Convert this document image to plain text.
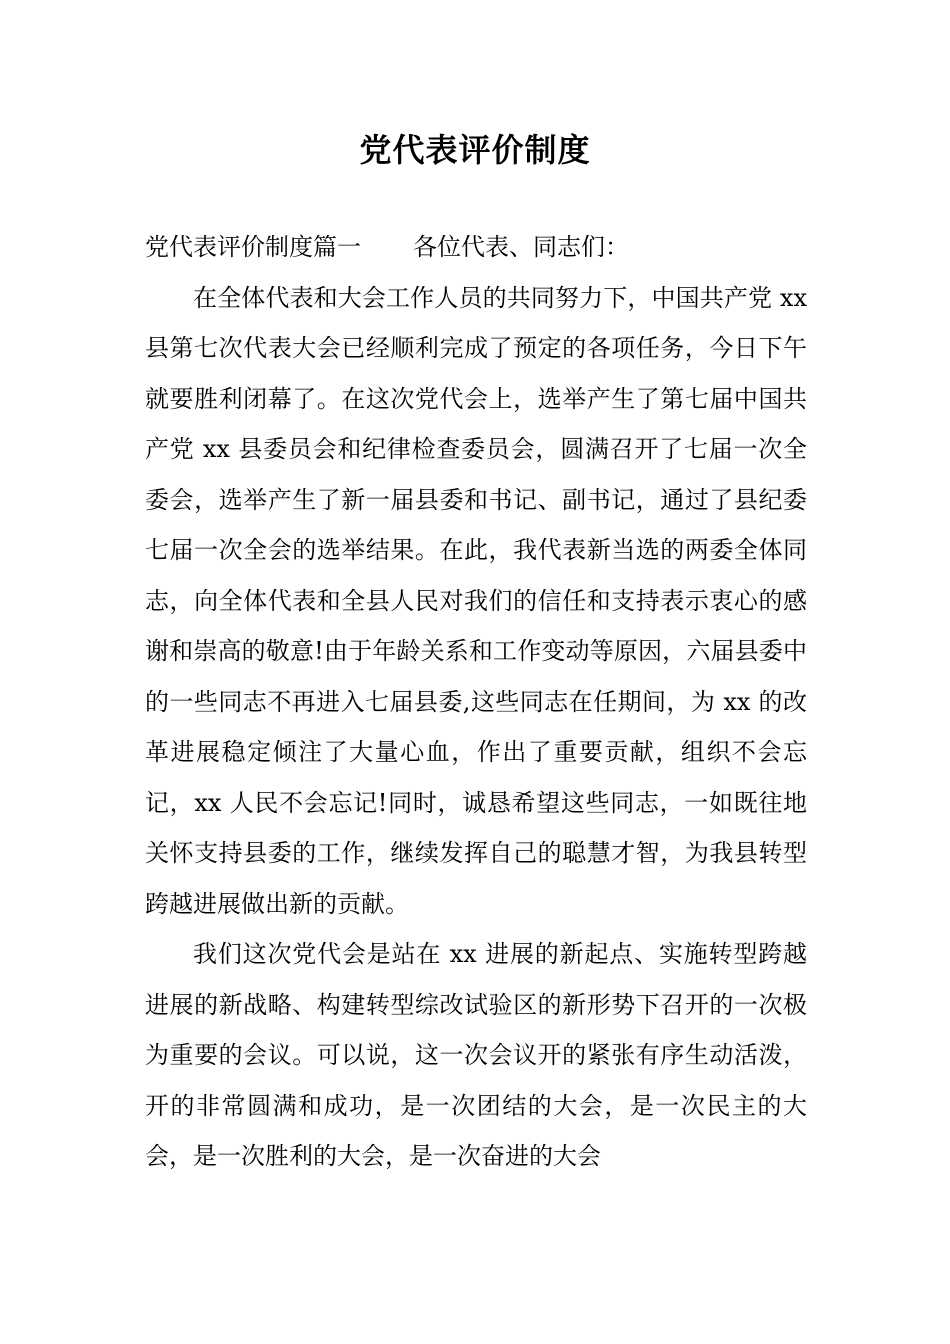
党代表评价制度

党代表评价制度篇一 各位代表、同志们：

在全体代表和大会工作人员的共同努力下，中国共产党 xx 县第七次代表大会已经顺利完成了预定的各项任务，今日下午就要胜利闭幕了。在这次党代会上，选举产生了第七届中国共产党 xx 县委员会和纪律检查委员会，圆满召开了七届一次全委会，选举产生了新一届县委和书记、副书记，通过了县纪委七届一次全会的选举结果。在此，我代表新当选的两委全体同志，向全体代表和全县人民对我们的信任和支持表示衷心的感谢和崇高的敬意!由于年龄关系和工作变动等原因，六届县委中的一些同志不再进入七届县委,这些同志在任期间，为 xx 的改革进展稳定倾注了大量心血，作出了重要贡献，组织不会忘记，xx 人民不会忘记!同时，诚恳希望这些同志，一如既往地关怀支持县委的工作，继续发挥自己的聪慧才智，为我县转型跨越进展做出新的贡献。

我们这次党代会是站在 xx 进展的新起点、实施转型跨越进展的新战略、构建转型综改试验区的新形势下召开的一次极为重要的会议。可以说，这一次会议开的紧张有序生动活泼，开的非常圆满和成功，是一次团结的大会，是一次民主的大会，是一次胜利的大会，是一次奋进的大会
